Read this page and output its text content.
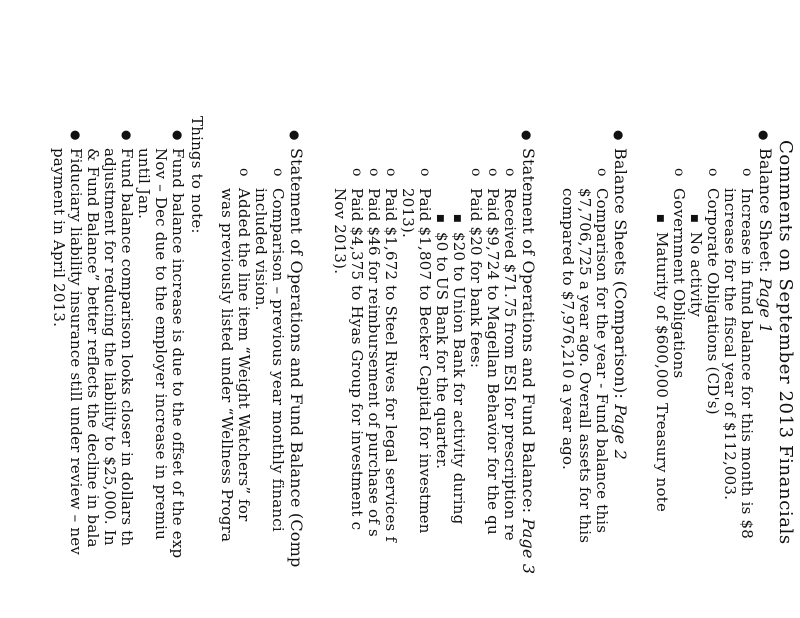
Comments on September 2013 Financials
●
Balance Sheet: Page 1
o
Increase in fund balance for this month is $8
increase for the fiscal year of $112,003.
o
Corporate Obligations (CD's)
■
No activity
o
Government Obligations
■
Maturity of $600,000 Treasury note
●
Balance Sheets (Comparison): Page 2
o
Comparison for the year - Fund balance this
$7,706,725 a year ago. Overall assets for this
compared to $7,976,210 a year ago.
●
Statement of Operations and Fund Balance: Page 3
o
Received $71.75 from ESI for prescription re
o
Paid $9,724 to Magellan Behavior for the qu
o
Paid $20 for bank fees:
■
$20 to Union Bank for activity during
■
$0 to US Bank for the quarter.
o
Paid $1,807 to Becker Capital for investmen
2013).
o
Paid $1,672 to Steel Rives for legal services f
o
Paid $46 for reimbursement of purchase of s
o
Paid $4,375 to Hyas Group for investment c
Nov 2013).
●
Statement of Operations and Fund Balance (Comp
o
Comparison – previous year monthly financi
included vision.
o
Added the line item “Weight Watchers” for
was previously listed under “Wellness Progra
Things to note:
●
Fund balance increase is due to the offset of the exp
Nov – Dec due to the employer increase in premiu
until Jan.
●
Fund balance comparison looks closer in dollars th
adjustment for reducing the liability to $25,000. In
& Fund Balance” better reflects the decline in bala
●
Fiduciary liability insurance still under review – nev
payment in April 2013.
